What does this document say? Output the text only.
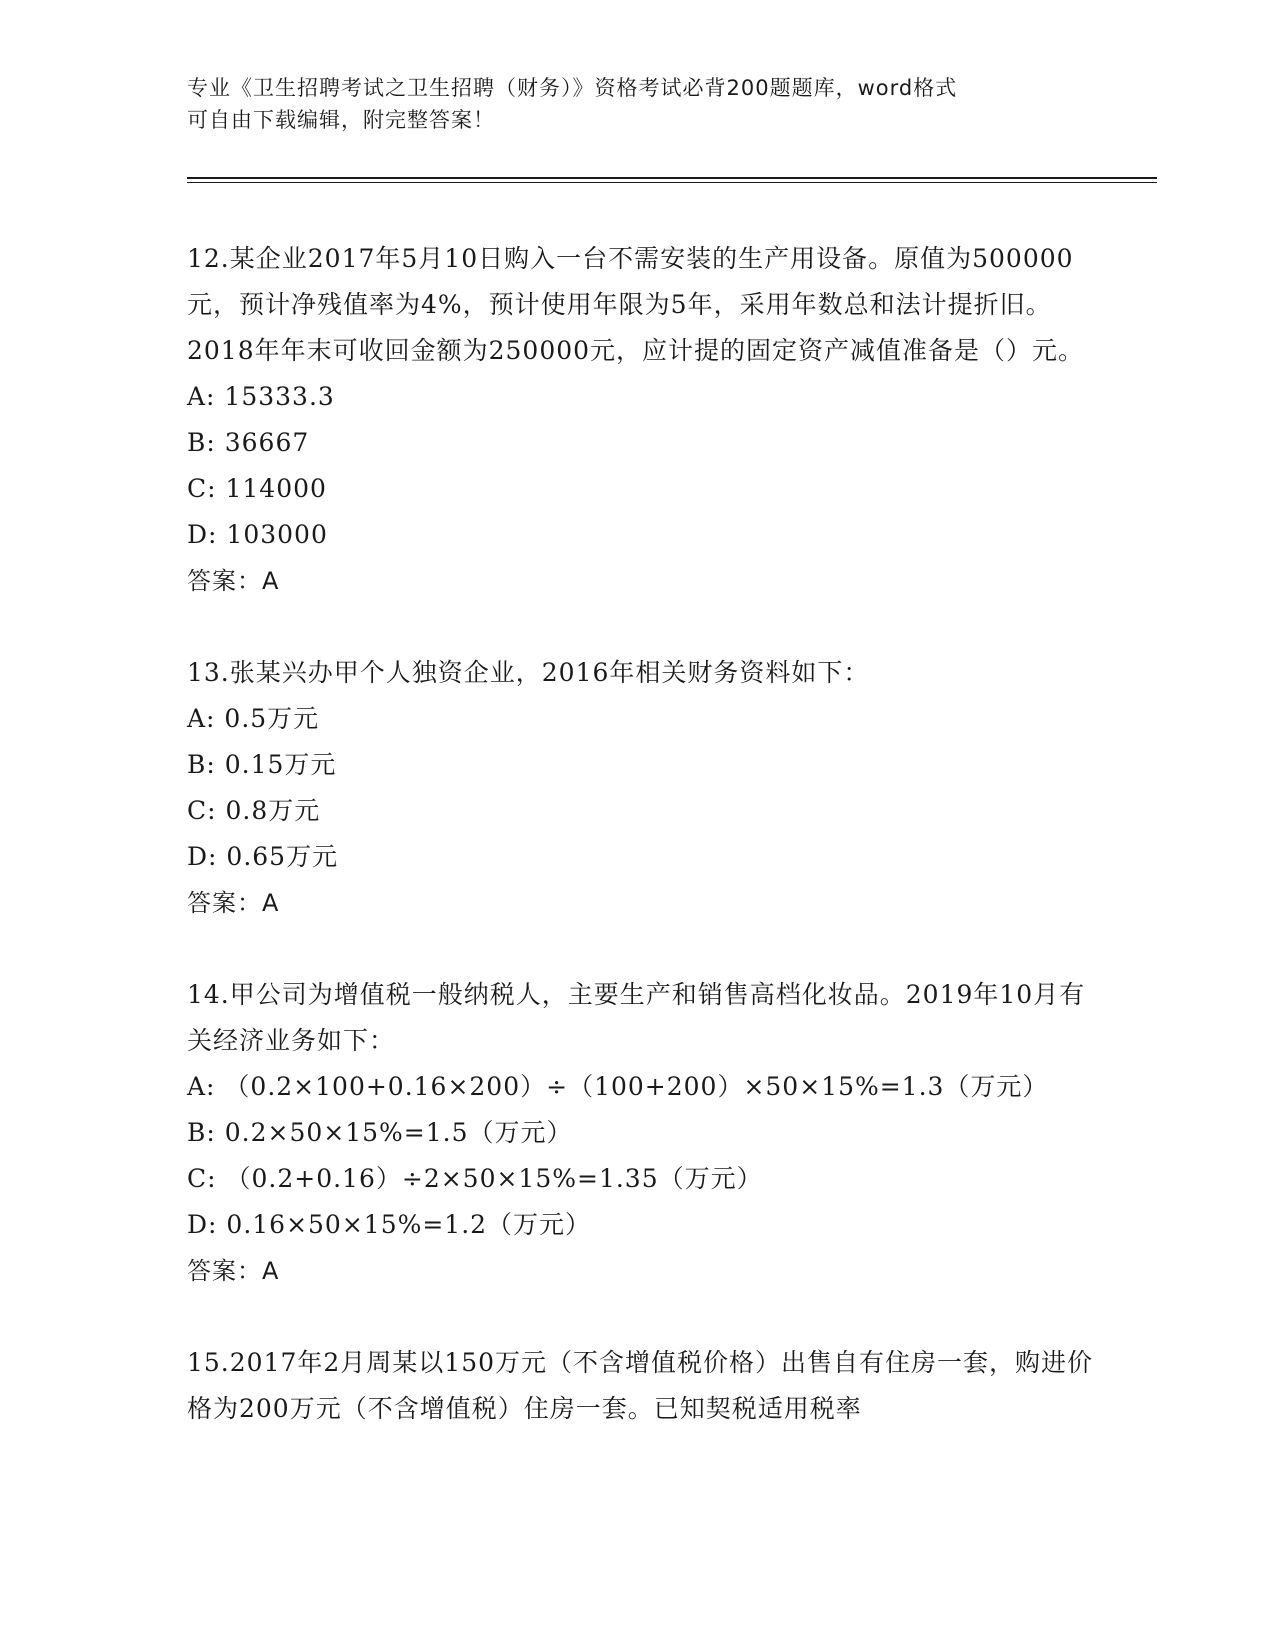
专业《卫生招聘考试之卫生招聘（财务）》资格考试必背200题题库，word格式
可自由下载编辑，附完整答案！

12.某企业2017年5月10日购入一台不需安装的生产用设备。原值为500000元，预计净残值率为4%，预计使用年限为5年，采用年数总和法计提折旧。2018年年末可收回金额为250000元，应计提的固定资产减值准备是（）元。

A: 15333.3

B: 36667

C: 114000

D: 103000

答案：A

13.张某兴办甲个人独资企业，2016年相关财务资料如下：

A: 0.5万元

B: 0.15万元

C: 0.8万元

D: 0.65万元

答案：A

14.甲公司为增值税一般纳税人，主要生产和销售高档化妆品。2019年10月有关经济业务如下：

A: （0.2×100+0.16×200）÷（100+200）×50×15%=1.3（万元）

B: 0.2×50×15%=1.5（万元）

C: （0.2+0.16）÷2×50×15%=1.35（万元）

D: 0.16×50×15%=1.2（万元）

答案：A

15.2017年2月周某以150万元（不含增值税价格）出售自有住房一套，购进价格为200万元（不含增值税）住房一套。已知契税适用税率
